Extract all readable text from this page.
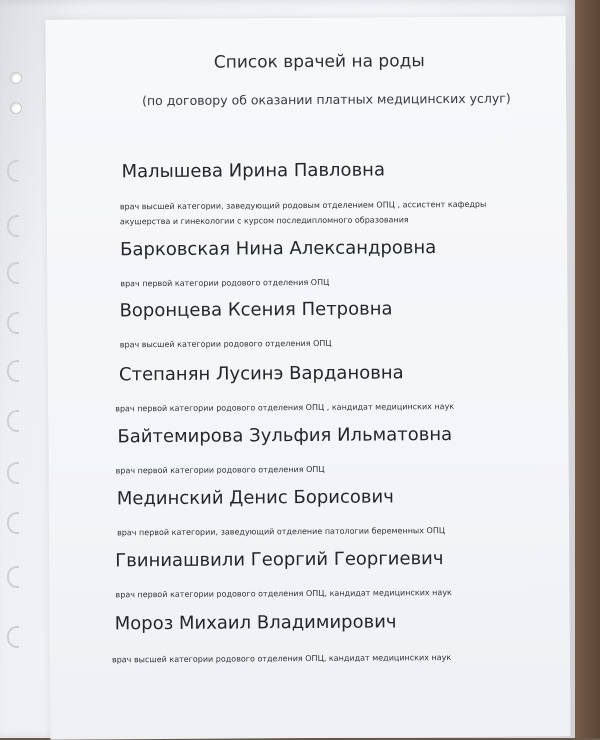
Список врачей на роды
(по договору об оказании платных медицинских услуг)
Малышева Ирина Павловна
врач высшей категории, заведующий родовым отделением ОПЦ , ассистент кафедры
акушерства и гинекологии с курсом последипломного образования
Барковская Нина Александровна
врач первой категории родового отделения ОПЦ
Воронцева Ксения Петровна
врач высшей категории родового отделения ОПЦ
Степанян Лусинэ Вардановна
врач первой категории родового отделения ОПЦ , кандидат медицинских наук
Байтемирова Зульфия Ильматовна
врач первой категории родового отделения ОПЦ
Мединский Денис Борисович
врач первой категории, заведующий отделение патологии беременных ОПЦ
Гвиниашвили Георгий Георгиевич
врач первой категории родового отделения ОПЦ, кандидат медицинских наук
Мороз Михаил Владимирович
врач высшей категории родового отделения ОПЦ, кандидат медицинских наук
